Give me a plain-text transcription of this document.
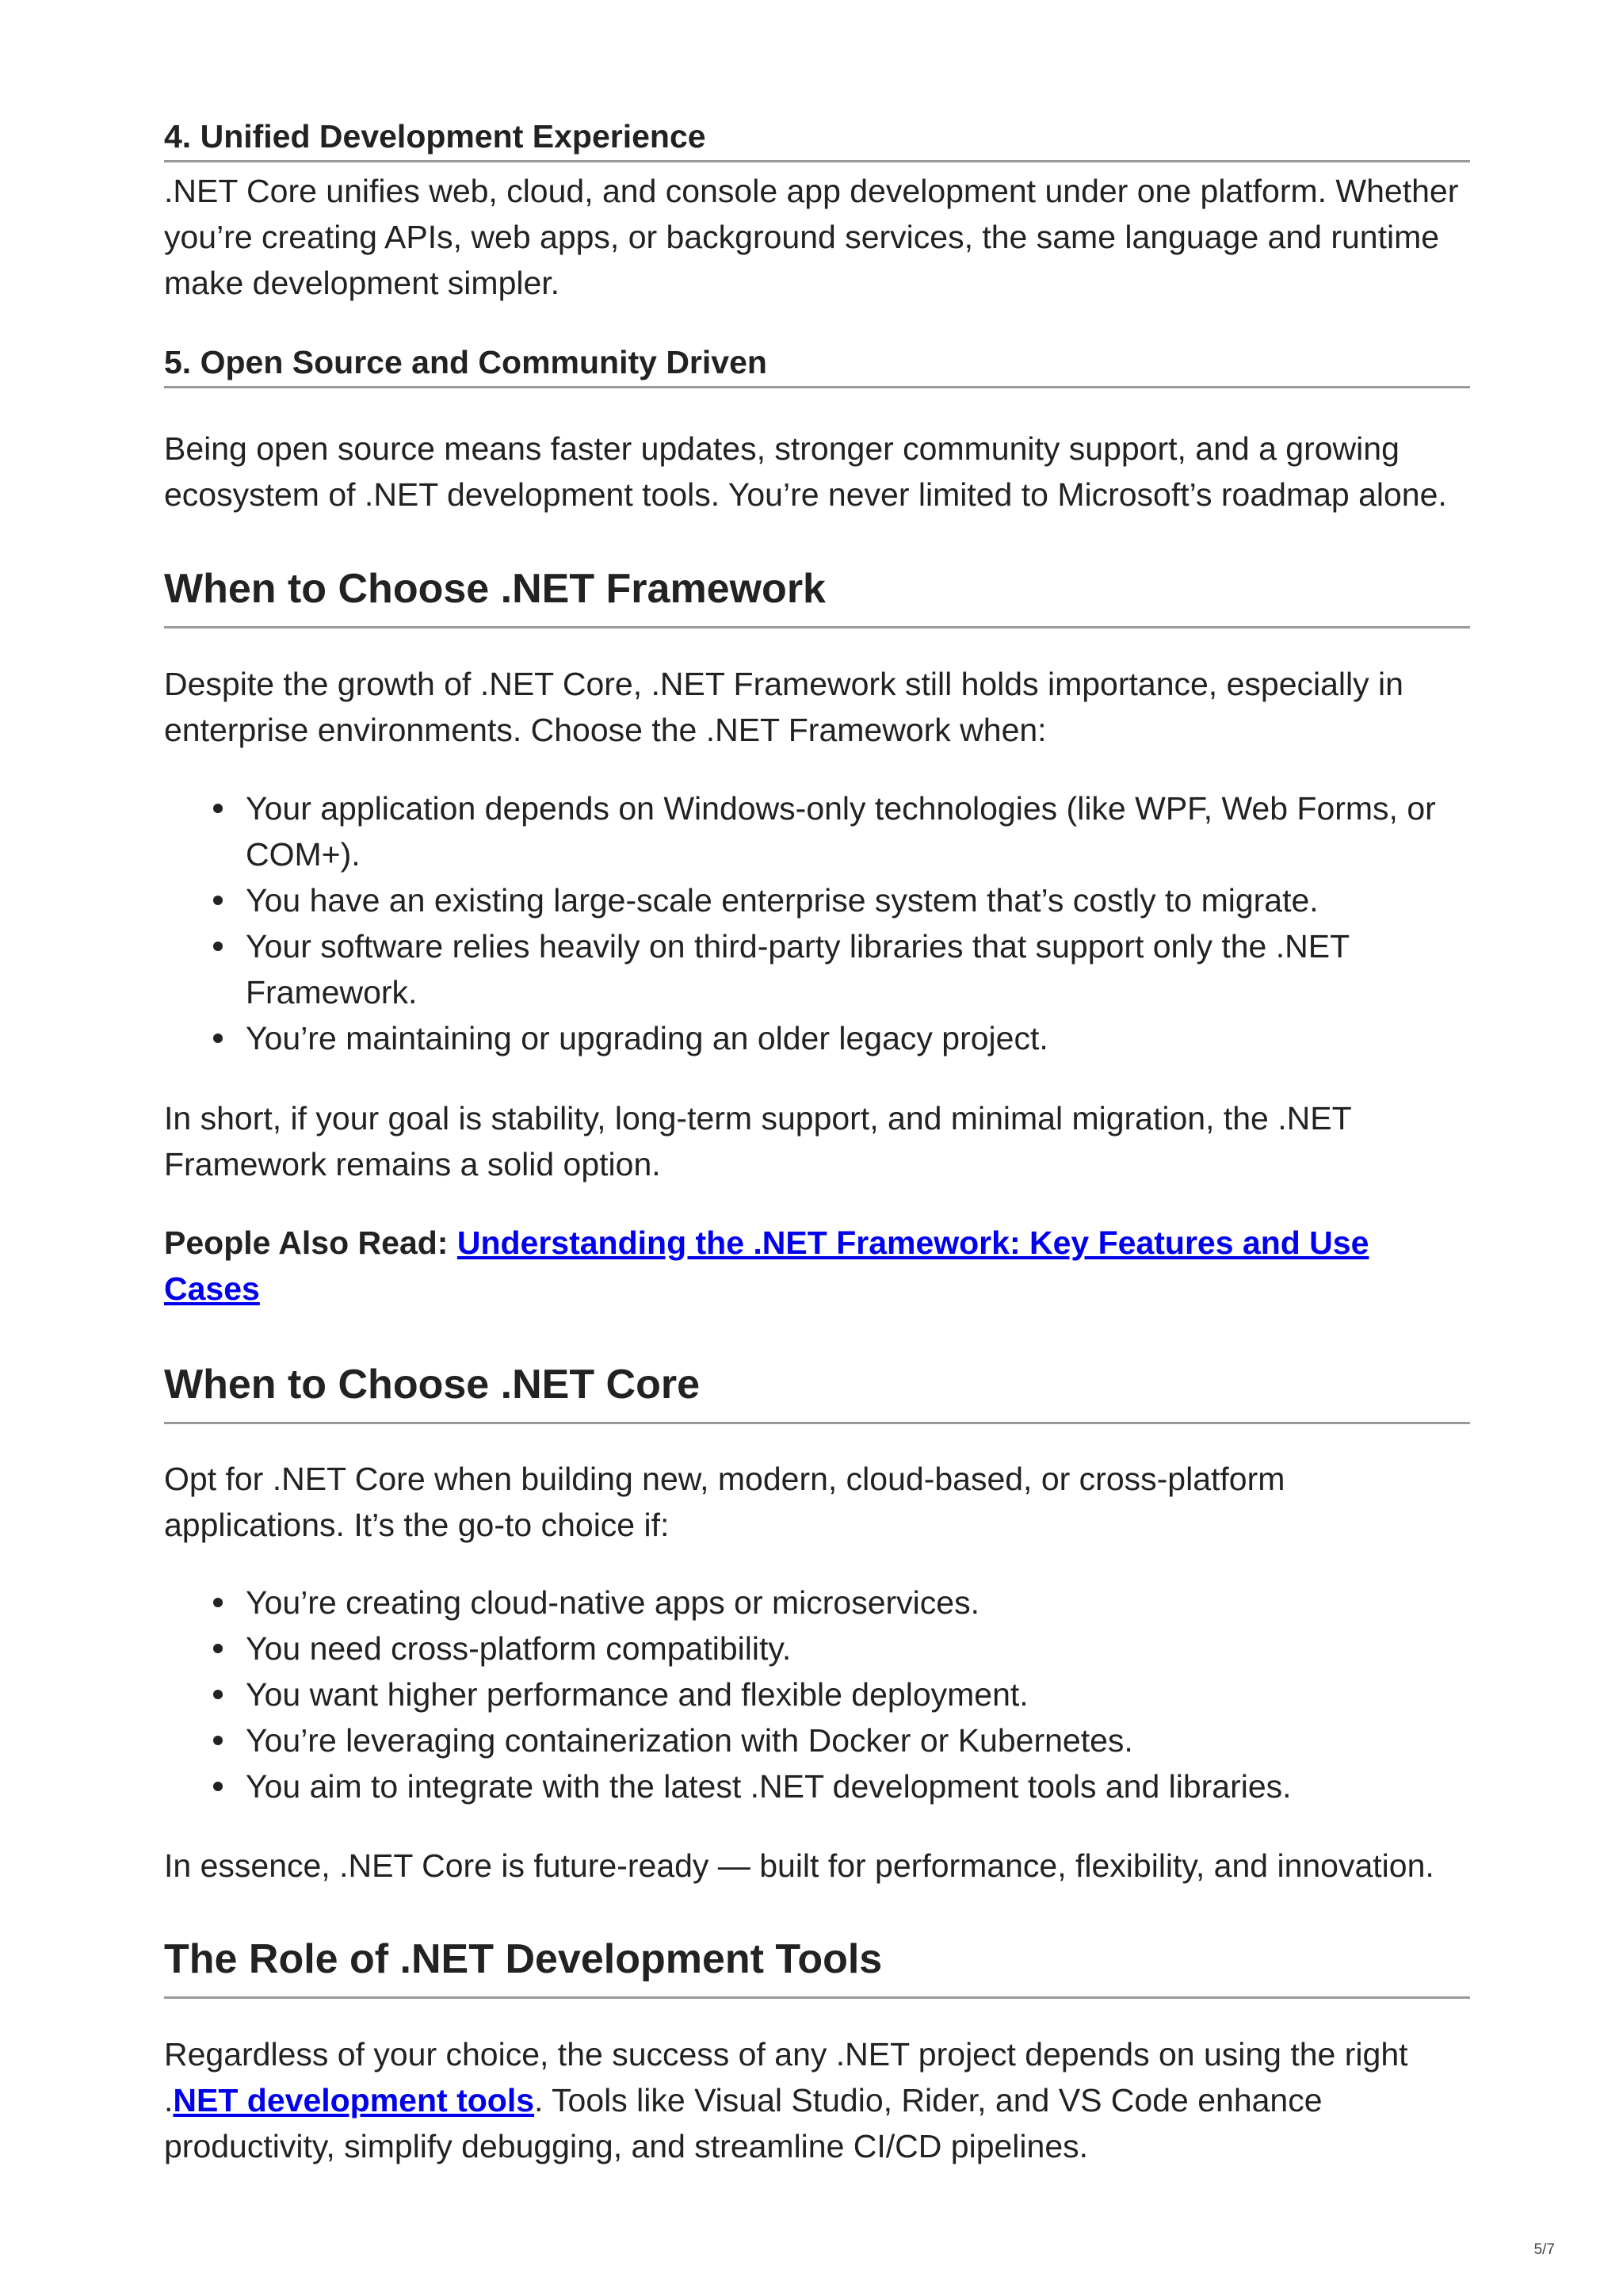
4. Unified Development Experience

.NET Core unifies web, cloud, and console app development under one platform. Whether you’re creating APIs, web apps, or background services, the same language and runtime make development simpler.

5. Open Source and Community Driven

Being open source means faster updates, stronger community support, and a growing ecosystem of .NET development tools. You’re never limited to Microsoft’s roadmap alone.

When to Choose .NET Framework

Despite the growth of .NET Core, .NET Framework still holds importance, especially in enterprise environments. Choose the .NET Framework when:

Your application depends on Windows-only technologies (like WPF, Web Forms, or COM+).
You have an existing large-scale enterprise system that’s costly to migrate.
Your software relies heavily on third-party libraries that support only the .NET Framework.
You’re maintaining or upgrading an older legacy project.

In short, if your goal is stability, long-term support, and minimal migration, the .NET Framework remains a solid option.

People Also Read: Understanding the .NET Framework: Key Features and Use Cases

When to Choose .NET Core

Opt for .NET Core when building new, modern, cloud-based, or cross-platform applications. It’s the go-to choice if:

You’re creating cloud-native apps or microservices.
You need cross-platform compatibility.
You want higher performance and flexible deployment.
You’re leveraging containerization with Docker or Kubernetes.
You aim to integrate with the latest .NET development tools and libraries.

In essence, .NET Core is future-ready — built for performance, flexibility, and innovation.

The Role of .NET Development Tools

Regardless of your choice, the success of any .NET project depends on using the right .NET development tools. Tools like Visual Studio, Rider, and VS Code enhance productivity, simplify debugging, and streamline CI/CD pipelines.

5/7
